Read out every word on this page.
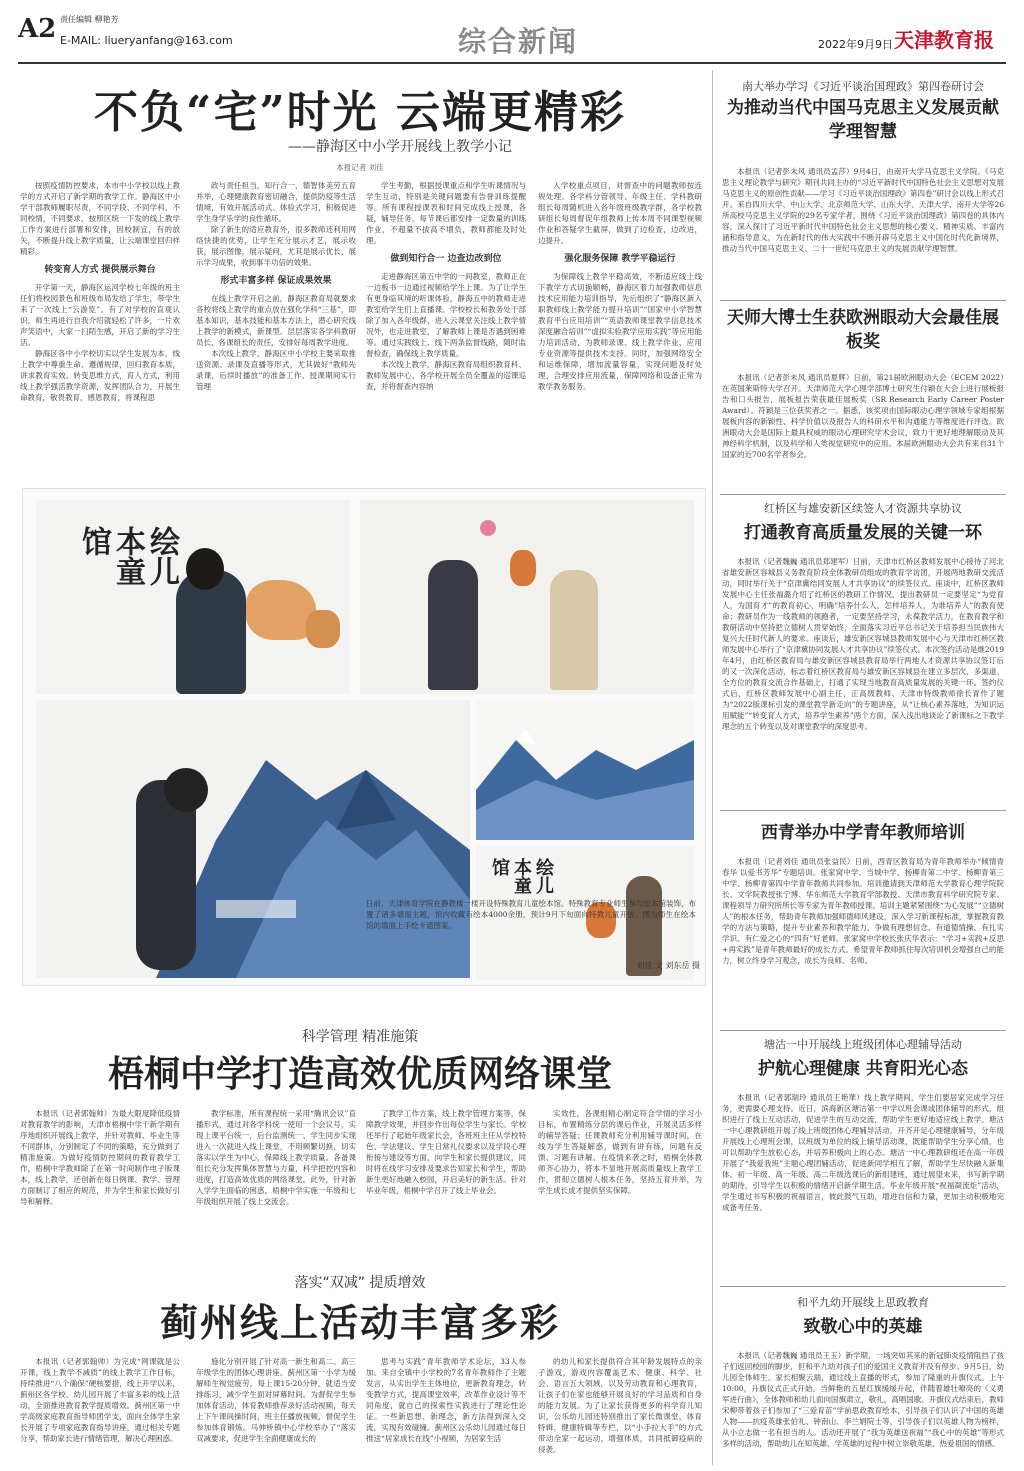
A2 责任编辑 柳艳芳
E-MAIL: liueryanfang@163.com	综合新闻	2022年9月9日 天津教育报
不负“宅”时光 云端更精彩
——静海区中小学开展线上教学小记
本报记者 刘佳

按照疫情防控要求，本市中小学校以线上教学的方式开启了新学期的教学工作。静海区中小学干部教师履职尽责，不同学段、不同学科、不同校情，不同要求，按照区统一下发的线上教学工作方案进行部署和安排，因校制宜，有的放矢，不断提升线上教学质量，让云端课堂回归样精彩。

转变育人方式 提供展示舞台

开学第一天，静海区运河学校七年级的班主任们将校园景色和班级布局发给了学生，带学生来了一次线上“云游览”。有了对学校的直观认识，师生再进行自我介绍就轻松了许多，一片欢声笑语中，大家一扫陌生感，开启了新的学习生活。

静海区各中小学校切实以学生发展为本，线上教学中尊重生命、遵循规律，回归教育本质，讲求教育实效。转变思维方式，育人方式，利用线上教学强活教学资源，发挥团队合力，开展生命教育，敬畏教育，感恩教育，将课程思

政与责任担当，知行合一，德智体美劳五育并举，心理健康教育密切融合，提供防疫等生活情境，有效开展活动式、体验式学习，积极促进学生身学乐学的良性循环。

除了新生的适应教育外，很多教师还利用网络快捷的优势，让学生充分展示才艺，展示收获，展示图像，展示疑问，尤其是展示优长，展示学习成果，收到事半功倍的效果。

形式丰富多样 保证成果效果

在线上教学开启之前，静海区教育局就要求各校将线上教学的重点放在强化学科“三基”，即基本知识，基本技能和基本方法上，潜心研究线上教学的新模式，新课型。层层落实各学科教研员长、各课组长的责任，安排好每周教学进度。

本次线上教学，静海区中小学校主要采取推送资源、录课及直播等形式，尤其做好“教师先录课，后续时播放”的准备工作。授课期间实行管理

学生考勤，根据授课重点和学生听课情况与学生互动，特别是关键问题要有告誉训练提醒等。所有课程授课表和时间完成线上授课，各疑，辅导任务。每节课后都安排一定数量的训练作业，不超量不拔高不增负，教师都能及时处理。

做到知行合一 边查边改到位

走进静海区第五中学的一间教室，教师正在一边板书一边通过视频给学生上课。为了让学生有更身临其境的听课体验，静海五中的教师走进教室给学生们上直播课。学校校长和教务处干部除了加入各年级群，进入云课堂关注线上教学情况外，也走进教室，了解教师上课是否遇到困难等。通过实践线上、线下两条监督线路，随时监督检查，确保线上教学质量。

本次线上教学，静海区教育局组织教育科、教师发展中心、各学校开展全员全覆盖的巡课巡查，并将督查内容纳

入学校重点项目，对督查中的问题教师按连规处理。各学科分管领导、年级主任、学科教研组长每周随机进入各年级班级教学群，各学校教研组长每周督促年组教师上传本周不同课型视频作业和答疑学生截屏，做到了边检查，边改进，边提升。

强化服务保障 教学平稳运行

为保障线上教学平稳高效，不断适应线上线下教学方式切换顺畅，静海区着力加强教师信息技术应用能力培训指导，先后组织了“静海区新入职教师线上教学能力提升培训”“国家中小学智慧教育平台应用培训”“英语教师课堂教学信息技术深度融合培训”“虚拟实验教学应用实践”等应用能力培训活动，为教师录课、线上教学作业、应用专业资源等提供技术支持。同时，加强网络安全和运维保障，增加流量容量，实现问题及时处理，合理安排应用流量，保障网络和设备正常为教学教务服务。

绘儿
本童
馆
绘儿
本童
馆
日前，天津体育学院在静教楼一楼开设特殊教育儿童绘本馆。特殊教育专业师生参与绘本馆装饰，布置了诸多墙面主题，馆内收藏有绘本4000余册，预计9月下旬面向特教儿童开放。图为师生在绘本馆的墙面上手绘卡通图案。
刘佳 文 刘东岳 摄
科学管理 精准施策
梧桐中学打造高效优质网络课堂

本报讯（记者郭翰帅）为最大限度降低疫情对教育教学的影响，天津市梧桐中学干新学期有序地组织开展线上教学，并针对教师、毕业生等不同群体，分别制定了不同的策略，充分做到了精准施策。为做好疫情防控期间的教育教学工作，梧桐中学教师除了在第一时间制作电子版课本，线上教学，还创新在每日例课、教学、管理方面制订了相应的规范，并为学生和家长做好引导和解释。

教学标准，所有课程统一采用“腾讯会议”直播形式，通过对各学科统一使用一个会议号，实现上课平台统一，后台监测统一、学生同步实现进入一次就进入线上课堂，不用频繁切换，切实落实以学生为中心，保障线上教学质量。各备课组长充分发挥集体智慧与力量，科学把控内容和进度，打造高效优质的网络课堂。此外，针对新入学学生面临的困惑，梧桐中学实施一年级和七年级组织开展了线上交流会。

了教学工作方案，线上教学管理方案等，保障教学效果，并回步作出每位学生与家长。学校还举行了起始年级家长会，各班班主任从学校特色、学法建议、学生日常礼仪要求以及学段心理衔接与建设等方面，向学生和家长提供建议，同时将在线学习安排及要求告知家长和学生，帮助新生更好地融入校园，开启美好的新生活。针对毕业年级，梧桐中学召开了线上毕业会。

实效性，各课组精心制定符合学情的学习小目标，布置精练分层的课后作业，开展灵活多样的辅导答疑；任课教师充分利用辅导课时间，在线为学生答疑解惑，做到有讲有练，问题有反馈、习题有讲解。在疫情来袭之时，梧桐全体教师齐心协力，将本不显地开展高质量线上教学工作，贯彻立德树人根本任务，坚持五育并举，为学生成长成才提供坚实保障。

落实“双减” 提质增效
蓟州线上活动丰富多彩

本报讯（记者郭翰帅）为完成“网课就是公开课，线上教学不减质”的线上教学工作目标，持续推进“八个确保”硬核要措，线上开学以来，蓟州区各学校、幼儿园开展了丰富多彩的线上活动，全面推进教育教学提质增效。蓟州区第一中学高级家庭教育指导师团学支，面向全体学生家长开展了专项家庭教育指导讲座，通过相关专题分享，帮助家长进行情绪管理，解决心理困惑。

施化分别开展了针对高一新生和高二、高三年级学生的团体心理讲座。蓟州区第一小学为缓解师生视觉疲劳，每上课15-20分钟，就适当安排练习，减少学生面对屏幕时间。为督促学生参加体育活动，体育教师推荐录好活动视频，每天上下午课间操时间，班主任播放视频，督促学生参加体育锻炼。马伸桥镇中心学校举办了“落实双减要求，促进学生全面健康成长的

思考与实践”青年教师学术论坛，33人参加。来自全镇中小学校的7名青年教师作了主题发言，从实出学生主体地位，更新教育理念，转变教学方式，提高课堂效率，改革作业设计等不同角度，就自己的探索性实践进行了理论性论证。一些新思想、新理念，新方法得到深入交流，实现有效碰撞。蓟州区公乐幼儿园通过每日推送“居家成长在线”小视频，为居家生活

的幼儿和家长提供符合其年龄发展特点的亲子游戏，游戏内容覆盖艺术、健康、科学、社会、语言五大领域，以及劳动教育和心理教育，让孩子们在家也能够开展良好的学习品质和自身的能力发展。为了让家长获得更多的科学育儿知识，公乐幼儿园还特别推出了家长微课堂，体育特辑，健康特辑等专栏，以“小手拉大手”的方式带动全家一起运动，增强体质，共同抵御疫病的侵袭。

南大举办学习《习近平谈治国理政》第四卷研讨会
为推动当代中国马克思主义发展贡献学理智慧

本报讯（记者彭未风 通讯员孟莎）9月4日，由南开大学马克思主义学院、《马克思主义理论教学与研究》期刊共同主办的“习近平新时代中国特色社会主义思想对发展马克思主义的原创性贡献——学习《习近平谈治国理政》第四卷”研讨会以线上形式召开。来自四川大学、中山大学、北京师范大学、山东大学、天津大学、南开大学等26所高校马克思主义学院的29名专家学者，围绕《习近平谈治国理政》第四卷的具体内容，深入探讨了习近平新时代中国特色社会主义思想的核心要义、精神实质、丰富内涵和指导意义，为在新时代的伟大实践中不断开辟马克思主义中国化时代化新境界，推动当代中国马克思主义、二十一世纪马克思主义的发展贡献学理智慧。

天师大博士生获欧洲眼动大会最佳展板奖

本报讯（记者彭未风 通讯员夏辉）日前，第21届欧洲眼动大会（ECEM 2022）在英国莱斯特大学召开。天津师范大学心理学部博士研究生付颖在大会上进行展板报告和口头报告，展板报告荣获最佳展板奖（SR Research Early Career Poster Award）。符颖是三位获奖者之一。据悉，该奖项由国际眼动心理学领域专家组根据展板内容的新颖性、科学价值以及报告人的科研水平和沟通能力等维度进行评选。欧洲眼动大会是国际上最具权威的眼动心理研究学术会议，致力于更好地理解眼动及其神经科学机制，以及科学和人类视觉研究中的应用。本届欧洲眼动大会共有来自31个国家的近700名学者参会。

红桥区与雄安新区续签人才资源共享协议
打通教育高质量发展的关键一环

本报讯（记者魏巍 通讯员郑建军）日前，天津市红桥区教师发展中心接待了河北省雄安新区容城县义务教育阶段全体教研员组成的教育学访团，开展两地教研交流活动，同时举行关于“京津冀结同发展人才共享协议”的续签仪式。座谈中，红桥区教师发展中心主任张福潞介绍了红桥区的教研工作情况，提出教研员一定要坚定“为党育人，为国育才”的教育初心，明确“培养什么人，怎样培养人，为谁培养人”的教育使命；教研员作为一线教师的领跑者，一定要坚持学习，永葆教学活力，在教育教学和教研活动中坚持把立德树人贯穿始终，全面落实习近平总书记关于培养担当民族伟大复兴大任时代新人的要求。座谈后，雄安新区容城县教师发展中心与天津市红桥区教师发展中心举行了“京津冀协同发展人才共享协议”续签仪式。本次签约活动是继2019年4月，由红桥区教育局与雄安新区容城县教育局举行两地人才资源共享协议签订后的又一次深化活动，标志着红桥区教育局与雄安新区容城县在建立多层次、多渠道、全方位的教育交流合作基础上，打通了实现当地教育高质量发展的关键一环。签约仪式后，红桥区教师发展中心副主任，正高级教师、天津市特级教师徐长青作了题为“2022版课标引发的课堂教学新走向”的专题讲座，从“让核心素养落地，为知识运用赋能”“转变育人方式，培养学生素养”两个方面，深入浅出地谈论了新课标之下教学理念的五个转变以及对课堂教学的深度思考。

西青举办中学青年教师培训

本报讯（记者刘佳 通讯员张益民）日前，西青区教育局为青年教师举办“倾情青春华 以爱书芳华”专题培训。张家窝中学、当城中学、杨柳青第二中学、杨柳青第三中学、杨柳青第四中学青年教师共同参加。培训邀请到天津师范大学教育心理学院院长、文学院教授张宁博、华东师范大学教育学部教授、天津市教育科学研究院专家、课程领导力研究所所长等专家为青年教师授课。培训主题紧紧围绕“为心发展”“立德树人”的根本任务，帮助青年教师加强师德师风建设，深入学习新课程标准，掌握教育教学的方法与策略，提升专业素养和教学能力，争做有理想信念、有道德情操、有扎实学识、有仁爱之心的“四有”好老师。张家窝中学校长张庆华表示：“学习+实践+反思+再实践”是青年教师最好的成长方式。希望青年教师抓住每次培训机会增强自己的能力，树立终身学习观念，成长为良师、名师。

塘沽一中开展线上班级团体心理辅导活动
护航心理健康 共育阳光心态

本报讯（记者郭瑞玲 通讯员王艳華）线上教学期间，学生们要居家完成学习任务，更需要心理支持。近日，滨海新区塘沽第一中学以班会课或团体辅导的形式，组织进行了线上互动活动，促进学生的互动交流，帮助学生更好地适应线上教学。塘沽一中心理教研组开展了线上班级团体心理辅导活动，开齐开足心理健康辅导，分年级开展线上心理班会课，以班级为单位的线上辅导活动课，既能帮助学生分享心情，也可以帮助学生放松心态，并培养积极向上的心态。塘沽一中心理教研组还在高一年级开展了“我爱我班”主题心理团辅活动，促进新同学相互了解，帮助学生尽快融入新集体。初一年级、高一年级、高二年级选课后的新组建班，通过展望未来，书写新学期的期待，引导学生以积极的情绪开启新学期生活。毕业年级开展“祝福凝流炬”活动，学生通过书写积极的祝福语言，彼此鼓气互助，增进自信和力量，更加主动积极地完成备考任务。

和平九幼开展线上思政教育
致敬心中的英雄

本报讯（记者魏巍 通讯员王玉）新学期，一场突如其来的新冠肺炎疫情阻挡了孩子们返回校园的脚步，但和平九幼对孩子们的爱国主义教育并没有停步。9月5日，幼儿园全体师生、家长相聚云端，通过线上直播的形式，参加了隆重的升旗仪式。上午10:00，升旗仪式正式开始。当鲜艳的五星红旗缓缓升起，伴随着雄壮嘹亮的《义勇军进行曲》，全体教师和幼儿面向国旗肃立，敬礼，高唱国歌。开旗仪式结束后，教师宋柳带着孩子们参加了“三爱育苗”学前思政教育绘本，引导孩子们认识了中国的英雄人物——抗疫英雄张伯礼、钟南山、李兰娟院士等，引导孩子们以英雄人物为榜样，从小立志做一名有担当的人。活动还开展了“我为英雄送祝福”“我心中的英雄”等形式多样的活动，帮助幼儿在知英雄、学英雄的过程中树立崇敬英雄、热爱祖国的情感。
